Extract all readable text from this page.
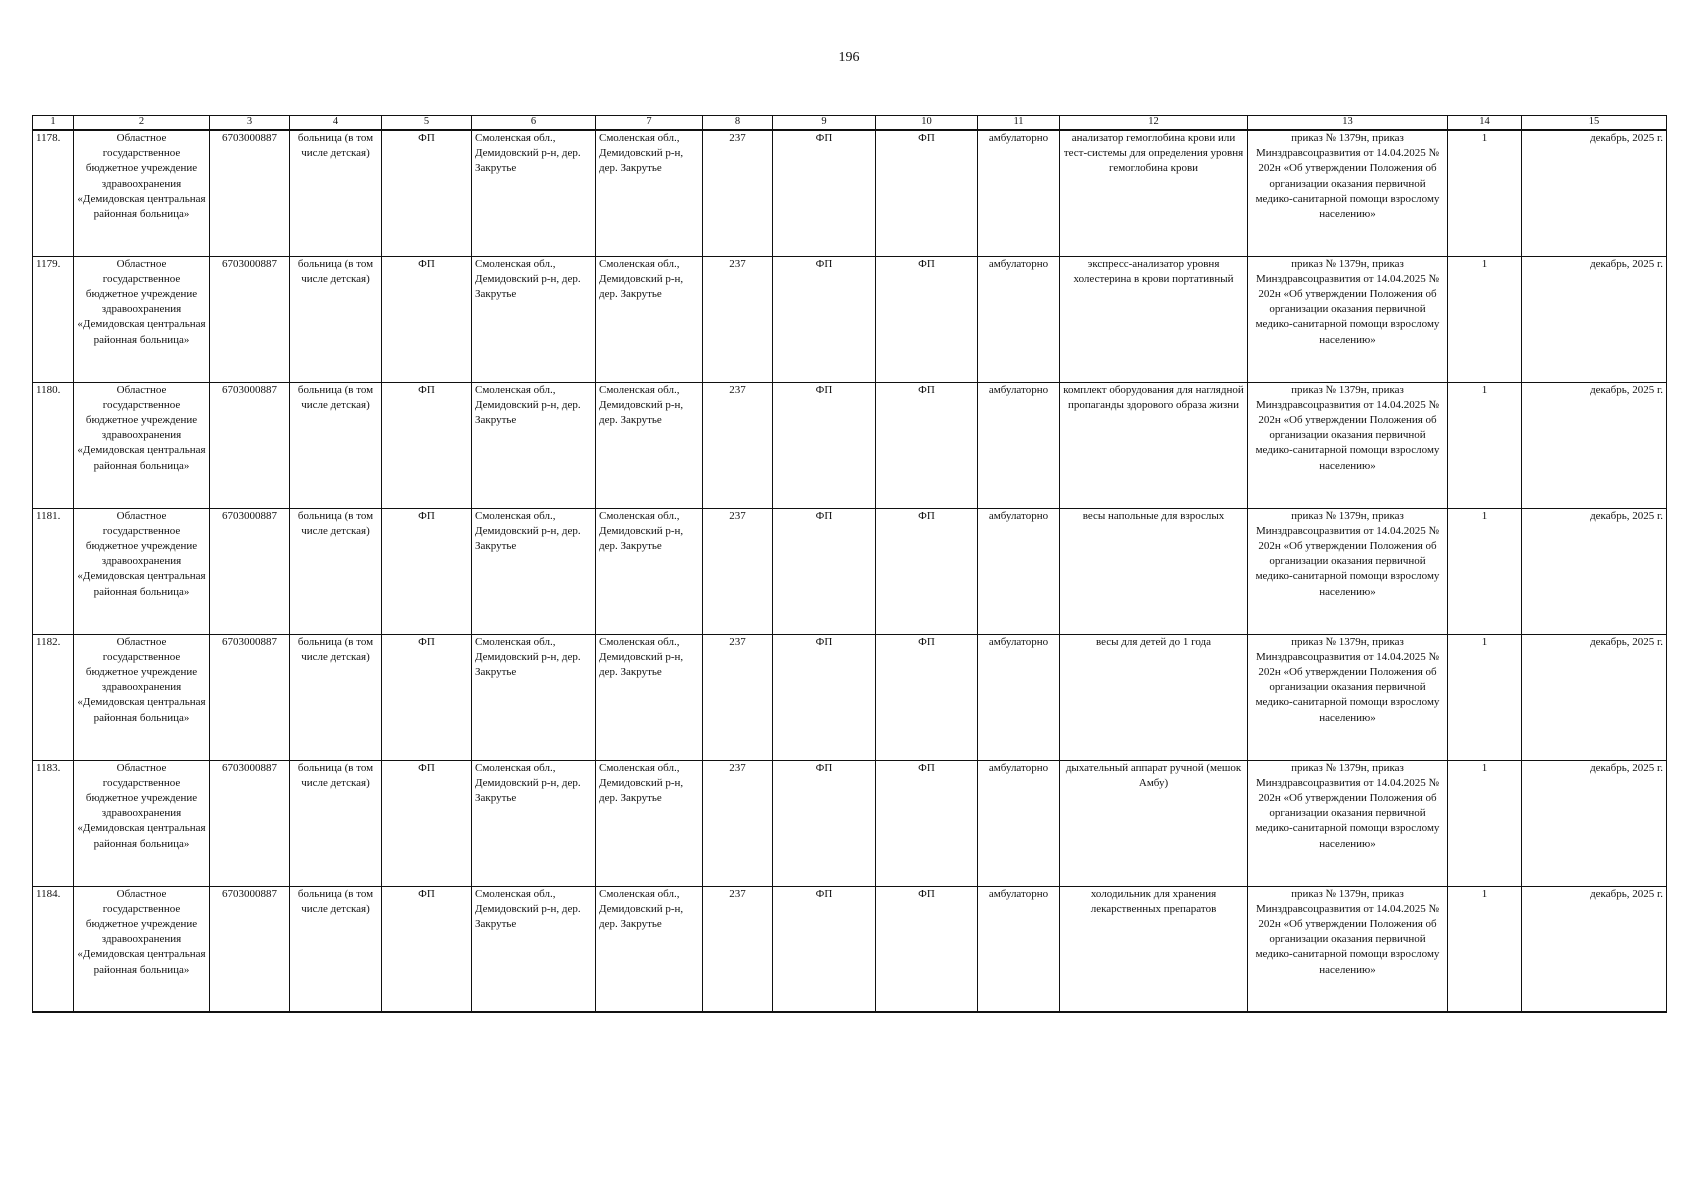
196
1	2	3	4	5	6	7	8	9	10	11	12	13	14	15
1178.	Областное государственное бюджетное учреждение здравоохранения «Демидовская центральная районная больница»	6703000887	больница (в том числе детская)	ФП	Смоленская обл., Демидовский р-н, дер. Закрутье	Смоленская обл., Демидовский р-н, дер. Закрутье	237	ФП	ФП	амбулаторно	анализатор гемоглобина крови или тест-системы для определения уровня гемоглобина крови	приказ № 1379н, приказ Минздравсоцразвития от 14.04.2025 № 202н «Об утверждении Положения об организации оказания первичной медико-санитарной помощи взрослому населению»	1	декабрь, 2025 г.
1179.	Областное государственное бюджетное учреждение здравоохранения «Демидовская центральная районная больница»	6703000887	больница (в том числе детская)	ФП	Смоленская обл., Демидовский р-н, дер. Закрутье	Смоленская обл., Демидовский р-н, дер. Закрутье	237	ФП	ФП	амбулаторно	экспресс-анализатор уровня холестерина в крови портативный	приказ № 1379н, приказ Минздравсоцразвития от 14.04.2025 № 202н «Об утверждении Положения об организации оказания первичной медико-санитарной помощи взрослому населению»	1	декабрь, 2025 г.
1180.	Областное государственное бюджетное учреждение здравоохранения «Демидовская центральная районная больница»	6703000887	больница (в том числе детская)	ФП	Смоленская обл., Демидовский р-н, дер. Закрутье	Смоленская обл., Демидовский р-н, дер. Закрутье	237	ФП	ФП	амбулаторно	комплект оборудования для наглядной пропаганды здорового образа жизни	приказ № 1379н, приказ Минздравсоцразвития от 14.04.2025 № 202н «Об утверждении Положения об организации оказания первичной медико-санитарной помощи взрослому населению»	1	декабрь, 2025 г.
1181.	Областное государственное бюджетное учреждение здравоохранения «Демидовская центральная районная больница»	6703000887	больница (в том числе детская)	ФП	Смоленская обл., Демидовский р-н, дер. Закрутье	Смоленская обл., Демидовский р-н, дер. Закрутье	237	ФП	ФП	амбулаторно	весы напольные для взрослых	приказ № 1379н, приказ Минздравсоцразвития от 14.04.2025 № 202н «Об утверждении Положения об организации оказания первичной медико-санитарной помощи взрослому населению»	1	декабрь, 2025 г.
1182.	Областное государственное бюджетное учреждение здравоохранения «Демидовская центральная районная больница»	6703000887	больница (в том числе детская)	ФП	Смоленская обл., Демидовский р-н, дер. Закрутье	Смоленская обл., Демидовский р-н, дер. Закрутье	237	ФП	ФП	амбулаторно	весы для детей до 1 года	приказ № 1379н, приказ Минздравсоцразвития от 14.04.2025 № 202н «Об утверждении Положения об организации оказания первичной медико-санитарной помощи взрослому населению»	1	декабрь, 2025 г.
1183.	Областное государственное бюджетное учреждение здравоохранения «Демидовская центральная районная больница»	6703000887	больница (в том числе детская)	ФП	Смоленская обл., Демидовский р-н, дер. Закрутье	Смоленская обл., Демидовский р-н, дер. Закрутье	237	ФП	ФП	амбулаторно	дыхательный аппарат ручной (мешок Амбу)	приказ № 1379н, приказ Минздравсоцразвития от 14.04.2025 № 202н «Об утверждении Положения об организации оказания первичной медико-санитарной помощи взрослому населению»	1	декабрь, 2025 г.
1184.	Областное государственное бюджетное учреждение здравоохранения «Демидовская центральная районная больница»	6703000887	больница (в том числе детская)	ФП	Смоленская обл., Демидовский р-н, дер. Закрутье	Смоленская обл., Демидовский р-н, дер. Закрутье	237	ФП	ФП	амбулаторно	холодильник для хранения лекарственных препаратов	приказ № 1379н, приказ Минздравсоцразвития от 14.04.2025 № 202н «Об утверждении Положения об организации оказания первичной медико-санитарной помощи взрослому населению»	1	декабрь, 2025 г.
